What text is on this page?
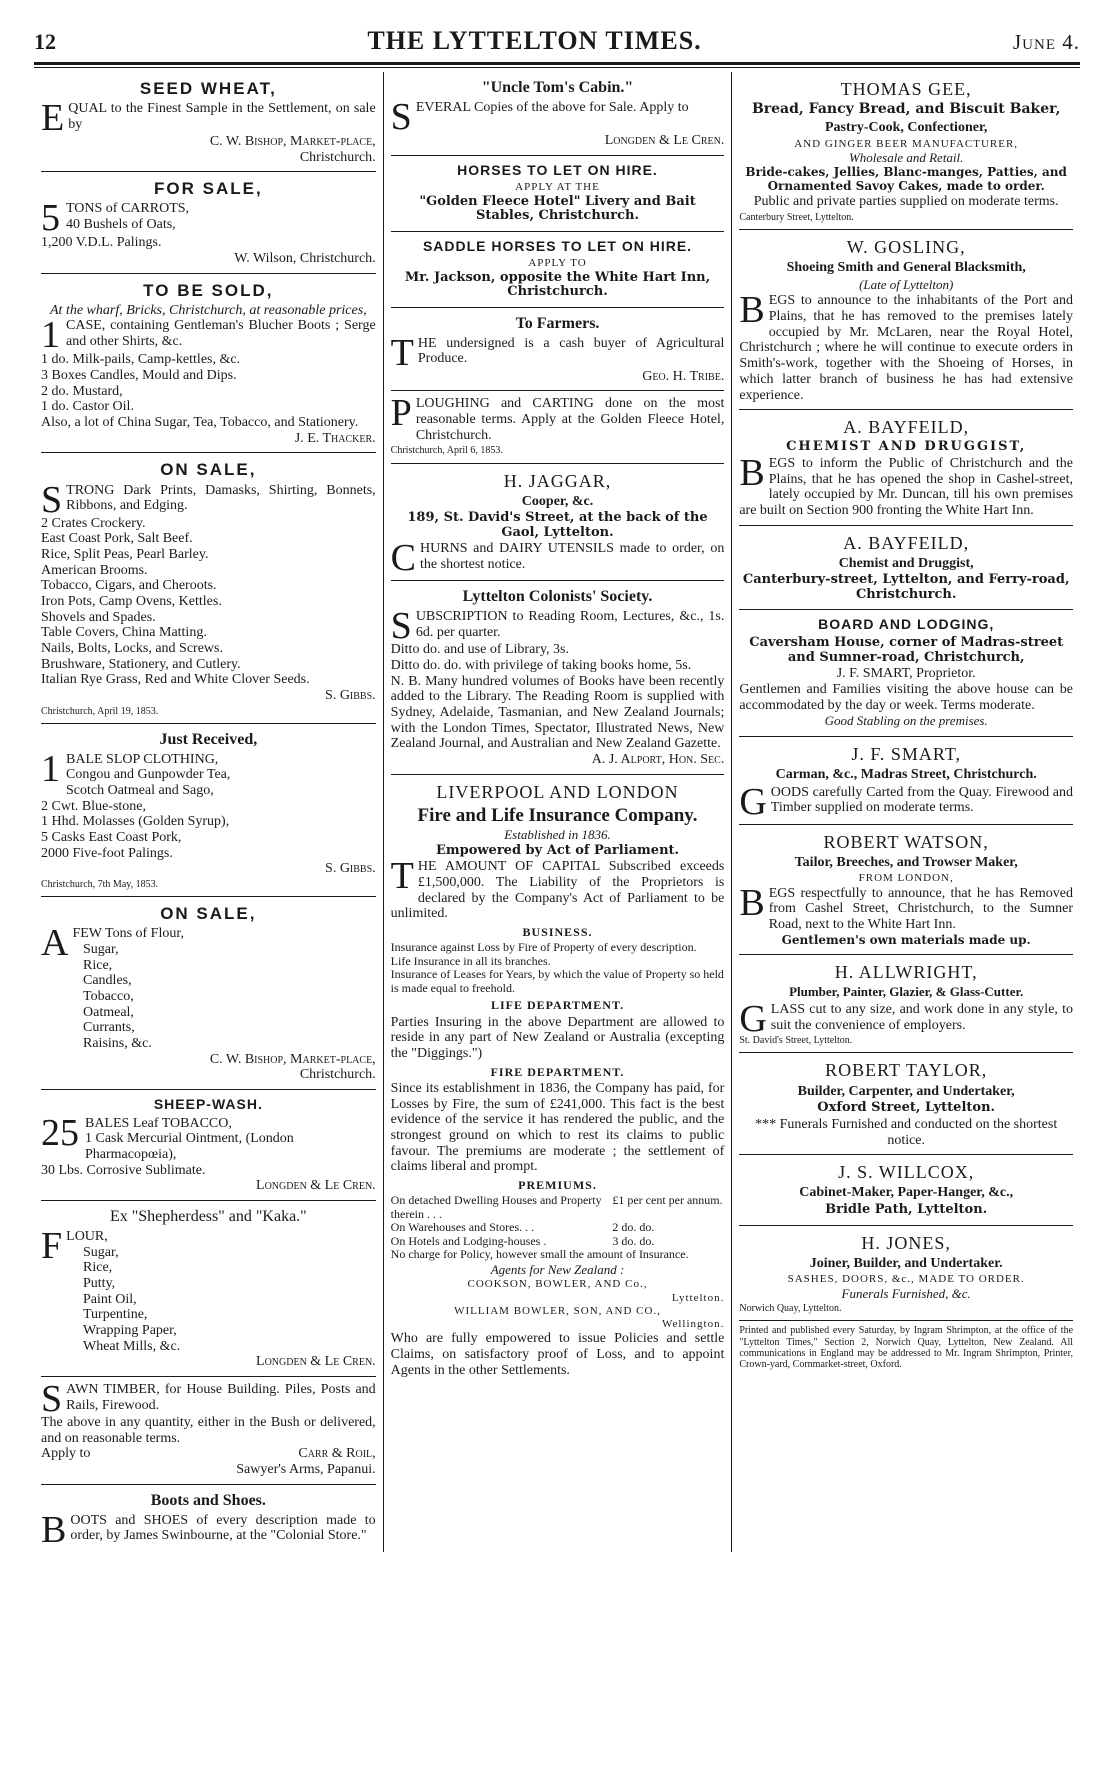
12	THE LYTTELTON TIMES.	June 4.
SEED WHEAT,
EQUAL to the Finest Sample in the Settlement, on sale by
C. W. Bishop, Market-place,
Christchurch.
FOR SALE,
5 TONS of CARROTS,
40 Bushels of Oats,
1,200 V.D.L. Palings.
W. Wilson, Christchurch.
TO BE SOLD,
At the wharf, Bricks, Christchurch, at reasonable prices,
1 CASE, containing Gentleman's Blucher Boots ; Serge and other Shirts, &c.
1 do. Milk-pails, Camp-kettles, &c.
3 Boxes Candles, Mould and Dips.
2 do. Mustard,
1 do. Castor Oil.
Also, a lot of China Sugar, Tea, Tobacco, and Stationery.
J. E. Thacker.
ON SALE,
STRONG Dark Prints, Damasks, Shirting, Bonnets, Ribbons, and Edging.
2 Crates Crockery.
East Coast Pork, Salt Beef.
Rice, Split Peas, Pearl Barley.
American Brooms.
Tobacco, Cigars, and Cheroots.
Iron Pots, Camp Ovens, Kettles.
Shovels and Spades.
Table Covers, China Matting.
Nails, Bolts, Locks, and Screws.
Brushware, Stationery, and Cutlery.
Italian Rye Grass, Red and White Clover Seeds.
S. Gibbs.
Christchurch, April 19, 1853.
Just Received,
1 BALE SLOP CLOTHING,
Congou and Gunpowder Tea,
Scotch Oatmeal and Sago,
2 Cwt. Blue-stone,
1 Hhd. Molasses (Golden Syrup),
5 Casks East Coast Pork,
2000 Five-foot Palings.
S. Gibbs.
Christchurch, 7th May, 1853.
ON SALE,
AFEW Tons of Flour,
Sugar,
Rice,
Candles,
Tobacco,
Oatmeal,
Currants,
Raisins, &c.
C. W. Bishop, Market-place,
Christchurch.
SHEEP-WASH.
25 BALES Leaf TOBACCO,
1 Cask Mercurial Ointment, (London Pharmacopœia),
30 Lbs. Corrosive Sublimate.
Longden & Le Cren.
Ex "Shepherdess" and "Kaka."
FLOUR,
Sugar,
Rice,
Putty,
Paint Oil,
Turpentine,
Wrapping Paper,
Wheat Mills, &c.
Longden & Le Cren.
SAWN TIMBER, for House Building. Piles, Posts and Rails, Firewood.
The above in any quantity, either in the Bush or delivered, and on reasonable terms.
Apply to	Carr & Roil,
Sawyer's Arms, Papanui.
Boots and Shoes.
BOOTS and SHOES of every description made to order, by James Swinbourne, at the "Colonial Store."
"Uncle Tom's Cabin."
SEVERAL Copies of the above for Sale. Apply to
Longden & Le Cren.
HORSES TO LET ON HIRE.
APPLY AT THE
"Golden Fleece Hotel" Livery and Bait Stables, Christchurch.
SADDLE HORSES TO LET ON HIRE.
APPLY TO
Mr. Jackson, opposite the White Hart Inn, Christchurch.
To Farmers.
THE undersigned is a cash buyer of Agricultural Produce.
Geo. H. Tribe.
PLOUGHING and CARTING done on the most reasonable terms. Apply at the Golden Fleece Hotel, Christchurch.
Christchurch, April 6, 1853.
H. JAGGAR,
Cooper, &c.
189, St. David's Street, at the back of the Gaol, Lyttelton.
CHURNS and DAIRY UTENSILS made to order, on the shortest notice.
Lyttelton Colonists' Society.
SUBSCRIPTION to Reading Room, Lectures, &c., 1s. 6d. per quarter.
Ditto do. and use of Library, 3s.
Ditto do. do. with privilege of taking books home, 5s.
N. B. Many hundred volumes of Books have been recently added to the Library. The Reading Room is supplied with Sydney, Adelaide, Tasmanian, and New Zealand Journals; with the London Times, Spectator, Illustrated News, New Zealand Journal, and Australian and New Zealand Gazette.
A. J. Alport, Hon. Sec.
LIVERPOOL AND LONDON
Fire and Life Insurance Company.
Established in 1836.
Empowered by Act of Parliament.
THE AMOUNT OF CAPITAL Subscribed exceeds £1,500,000. The Liability of the Proprietors is declared by the Company's Act of Parliament to be unlimited.
BUSINESS.
Insurance against Loss by Fire of Property of every description.
Life Insurance in all its branches.
Insurance of Leases for Years, by which the value of Property so held is made equal to freehold.
LIFE DEPARTMENT.
Parties Insuring in the above Department are allowed to reside in any part of New Zealand or Australia (excepting the "Diggings.")
FIRE DEPARTMENT.
Since its establishment in 1836, the Company has paid, for Losses by Fire, the sum of £241,000. This fact is the best evidence of the service it has rendered the public, and the strongest ground on which to rest its claims to public favour. The premiums are moderate ; the settlement of claims liberal and prompt.
PREMIUMS.
On detached Dwelling Houses and Property therein . . .
£1 per cent per annum.
On Warehouses and Stores. . .	2 do. do.
On Hotels and Lodging-houses .	3 do. do.
No charge for Policy, however small the amount of Insurance.
Agents for New Zealand :
COOKSON, BOWLER, AND Co.,
Lyttelton.
WILLIAM BOWLER, SON, AND CO.,
Wellington.
Who are fully empowered to issue Policies and settle Claims, on satisfactory proof of Loss, and to appoint Agents in the other Settlements.
THOMAS GEE,
Bread, Fancy Bread, and Biscuit Baker,
Pastry-Cook, Confectioner,
AND GINGER BEER MANUFACTURER,
Wholesale and Retail.
Bride-cakes, Jellies, Blanc-manges, Patties, and Ornamented Savoy Cakes, made to order.
Public and private parties supplied on moderate terms.
Canterbury Street, Lyttelton.
W. GOSLING,
Shoeing Smith and General Blacksmith,
(Late of Lyttelton)
BEGS to announce to the inhabitants of the Port and Plains, that he has removed to the premises lately occupied by Mr. McLaren, near the Royal Hotel, Christchurch ; where he will continue to execute orders in Smith's-work, together with the Shoeing of Horses, in which latter branch of business he has had extensive experience.
A. BAYFEILD,
CHEMIST AND DRUGGIST,
BEGS to inform the Public of Christchurch and the Plains, that he has opened the shop in Cashel-street, lately occupied by Mr. Duncan, till his own premises are built on Section 900 fronting the White Hart Inn.
A. BAYFEILD,
Chemist and Druggist,
Canterbury-street, Lyttelton, and Ferry-road, Christchurch.
BOARD AND LODGING,
Caversham House, corner of Madras-street and Sumner-road, Christchurch,
J. F. SMART, Proprietor.
Gentlemen and Families visiting the above house can be accommodated by the day or week. Terms moderate.
Good Stabling on the premises.
J. F. SMART,
Carman, &c., Madras Street, Christchurch.
GOODS carefully Carted from the Quay. Firewood and Timber supplied on moderate terms.
ROBERT WATSON,
Tailor, Breeches, and Trowser Maker,
FROM LONDON,
BEGS respectfully to announce, that he has Removed from Cashel Street, Christchurch, to the Sumner Road, next to the White Hart Inn.
Gentlemen's own materials made up.
H. ALLWRIGHT,
Plumber, Painter, Glazier, & Glass-Cutter.
GLASS cut to any size, and work done in any style, to suit the convenience of employers.
St. David's Street, Lyttelton.
ROBERT TAYLOR,
Builder, Carpenter, and Undertaker,
Oxford Street, Lyttelton.
*** Funerals Furnished and conducted on the shortest notice.
J. S. WILLCOX,
Cabinet-Maker, Paper-Hanger, &c.,
Bridle Path, Lyttelton.
H. JONES,
Joiner, Builder, and Undertaker.
SASHES, DOORS, &c., MADE TO ORDER.
Funerals Furnished, &c.
Norwich Quay, Lyttelton.
Printed and published every Saturday, by Ingram Shrimpton, at the office of the "Lyttelton Times," Section 2, Norwich Quay, Lyttelton, New Zealand. All communications in England may be addressed to Mr. Ingram Shrimpton, Printer, Crown-yard, Cornmarket-street, Oxford.
